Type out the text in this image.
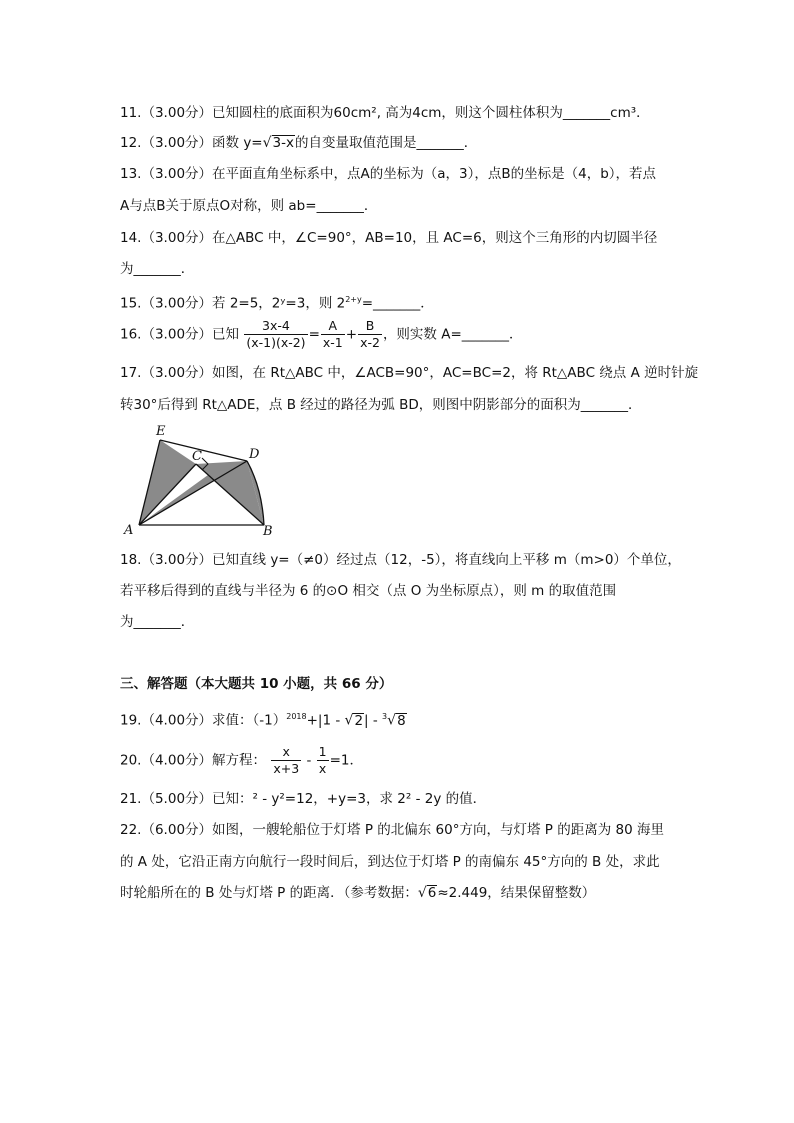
11.（3.00分）已知圆柱的底面积为60cm², 高为4cm，则这个圆柱体积为_______cm³．
12.（3.00分）函数 y=√3-x的自变量取值范围是_______．
13.（3.00分）在平面直角坐标系中，点A的坐标为（a，3），点B的坐标是（4，b），若点
A与点B关于原点O对称，则 ab=_______．
14.（3.00分）在△ABC 中，∠C=90°，AB=10，且 AC=6，则这个三角形的内切圆半径
为_______．
15.（3.00分）若 2=5，2ʸ=3，则 $2^{2+y}=\_\_\_\_\_\_\_$．
16.（3.00分）已知 $\frac{3x-4}{(x-1)(x-2)} = \frac{A}{x-1} + \frac{B}{x-2}$ ，则实数 A=_______．
17.（3.00分）如图，在 Rt△ABC 中，∠ACB=90°，AC=BC=2，将 Rt△ABC 绕点 A 逆时针旋
转30°后得到 Rt△ADE，点 B 经过的路径为弧 BD，则图中阴影部分的面积为_______．
E
D
C
A	B
18.（3.00分）已知直线 y=（≠0）经过点（12，-5），将直线向上平移 m（m>0）个单位，
若平移后得到的直线与半径为 6 的⊙O 相交（点 O 为坐标原点），则 m 的取值范围
为_______．
三、解答题（本大题共 10 小题，共 66 分）
19.（4.00分）求值：$(-1)^{2018}+|1 - √2| - ^3√8$
20.（4.00分）解方程： $\frac{x}{x+3} - \frac{1}{x} =1$．
21.（5.00分）已知：² - y²=12，+y=3，求 2² - 2y 的值．
22.（6.00分）如图，一艘轮船位于灯塔 P 的北偏东 60°方向，与灯塔 P 的距离为 80 海里
的 A 处，它沿正南方向航行一段时间后，到达位于灯塔 P 的南偏东 45°方向的 B 处，求此
时轮船所在的 B 处与灯塔 P 的距离．（参考数据：√6≈2.449，结果保留整数）
